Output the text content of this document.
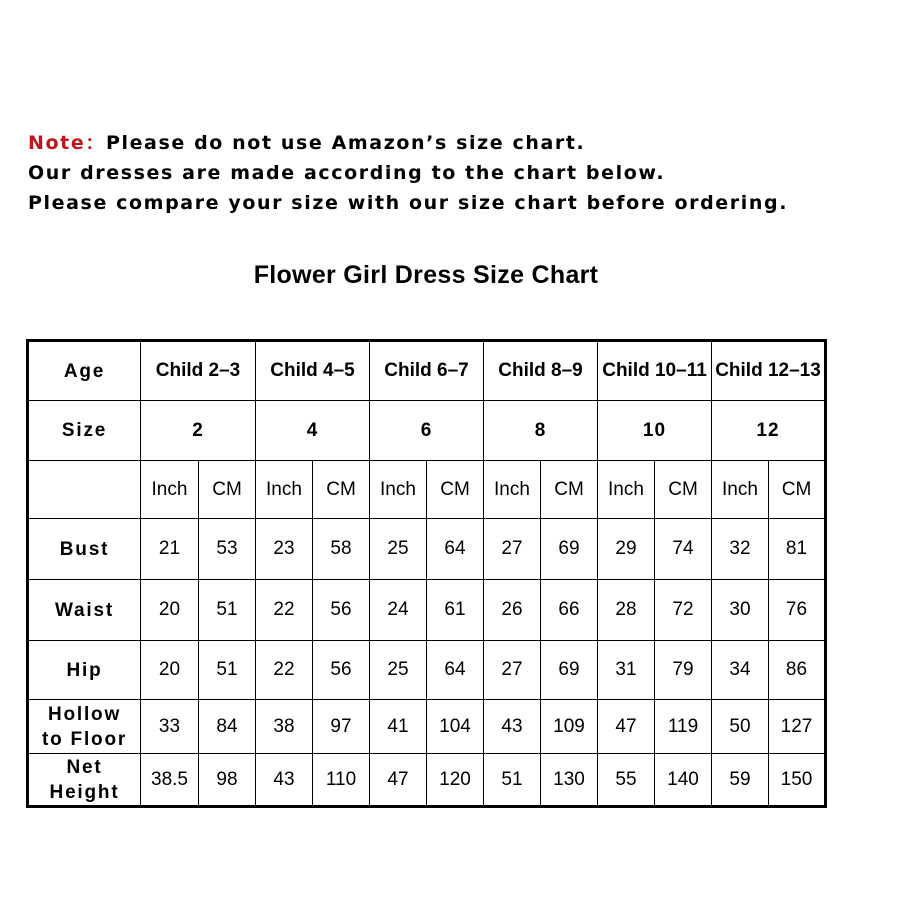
Note：Please do not use Amazon’s size chart.
Our dresses are made according to the chart below.
Please compare your size with our size chart before ordering.
Flower Girl Dress Size Chart
Age	Child 2–3		Child 4–5		Child 6–7		Child 8–9		Child 10–11		Child 12–13	
Size	2		4		6		8		10		12	
	Inch	CM	Inch	CM	Inch	CM	Inch	CM	Inch	CM	Inch	CM
Bust	21	53	23	58	25	64	27	69	29	74	32	81
Waist	20	51	22	56	24	61	26	66	28	72	30	76
Hip	20	51	22	56	25	64	27	69	31	79	34	86

Hollow
to Floor	33	84	38	97	41	104	43	109	47	119	50	127

Net
Height	38.5	98	43	110	47	120	51	130	55	140	59	150
